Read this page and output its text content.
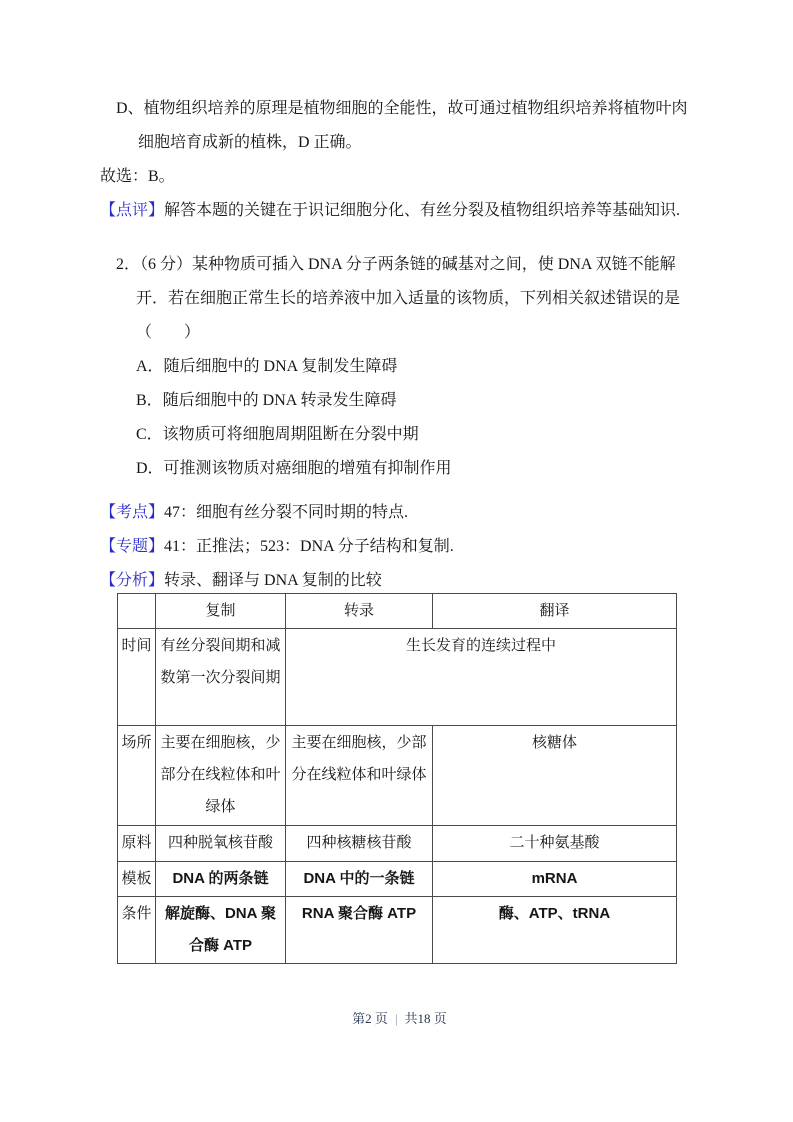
D、植物组织培养的原理是植物细胞的全能性，故可通过植物组织培养将植物叶肉细胞培育成新的植株，D 正确。

故选：B。

【点评】解答本题的关键在于识记细胞分化、有丝分裂及植物组织培养等基础知识.

2．（6 分）某种物质可插入 DNA 分子两条链的碱基对之间，使 DNA 双链不能解开．若在细胞正常生长的培养液中加入适量的该物质，下列相关叙述错误的是（　　）

A．随后细胞中的 DNA 复制发生障碍

B．随后细胞中的 DNA 转录发生障碍

C．该物质可将细胞周期阻断在分裂中期

D．可推测该物质对癌细胞的增殖有抑制作用

【考点】47：细胞有丝分裂不同时期的特点.

【专题】41：正推法；523：DNA 分子结构和复制.

【分析】转录、翻译与 DNA 复制的比较

	复制	转录	翻译
时间	有丝分裂间期和减数第一次分裂间期	生长发育的连续过程中	
场所	主要在细胞核，少部分在线粒体和叶绿体	主要在细胞核，少部分在线粒体和叶绿体	核糖体
原料	四种脱氧核苷酸	四种核糖核苷酸	二十种氨基酸
模板	DNA 的两条链	DNA 中的一条链	mRNA
条件	解旋酶、DNA 聚合酶 ATP	RNA 聚合酶 ATP	酶、ATP、tRNA
第2 页 | 共18 页
